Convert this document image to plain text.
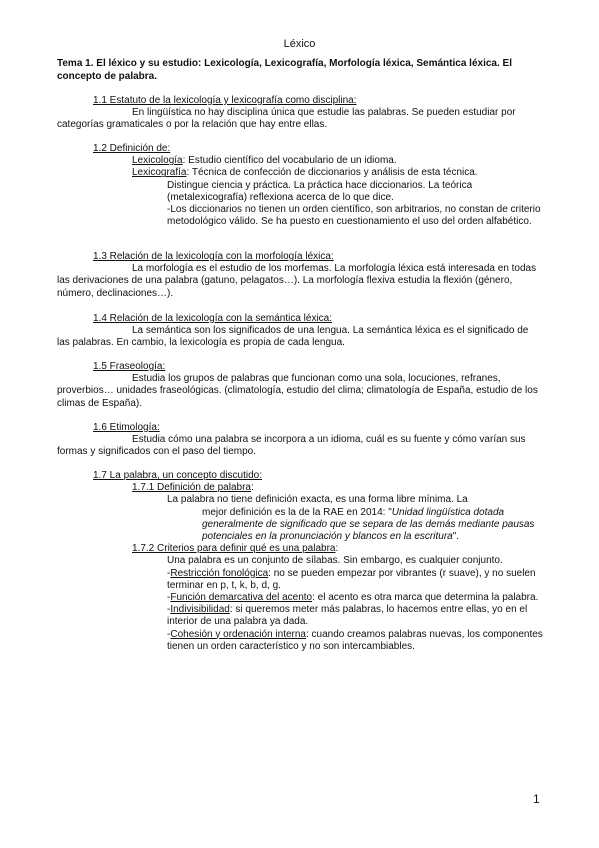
Léxico
Tema 1. El léxico y su estudio: Lexicología, Lexicografía, Morfología léxica, Semántica léxica. El concepto de palabra.
1.1 Estatuto de la lexicología y lexicografía como disciplina:
En lingüística no hay disciplina única que estudie las palabras. Se pueden estudiar por categorías gramaticales o por la relación que hay entre ellas.
1.2 Definición de:
Lexicología: Estudio científico del vocabulario de un idioma.
Lexicografía: Técnica de confección de diccionarios y análisis de esta técnica.
Distingue ciencia y práctica. La práctica hace diccionarios. La teórica (metalexicografía) reflexiona acerca de lo que dice.
-Los diccionarios no tienen un orden científico, son arbitrarios, no constan de criterio metodológico válido. Se ha puesto en cuestionamiento el uso del orden alfabético.
1.3 Relación de la lexicología con la morfología léxica:
La morfología es el estudio de los morfemas. La morfología léxica está interesada en todas las derivaciones de una palabra (gatuno, pelagatos…). La morfología flexiva estudia la flexión (género, número, declinaciones…).
1.4 Relación de la lexicología con la semántica léxica:
La semántica son los significados de una lengua. La semántica léxica es el significado de las palabras. En cambio, la lexicología es propia de cada lengua.
1.5 Fraseología:
Estudia los grupos de palabras que funcionan como una sola, locuciones, refranes, proverbios… unidades fraseológicas. (climatología, estudio del clima; climatología de España, estudio de los climas de España).
1.6 Etimología:
Estudia cómo una palabra se incorpora a un idioma, cuál es su fuente y cómo varían sus formas y significados con el paso del tiempo.
1.7 La palabra, un concepto discutido:
1.7.1 Definición de palabra:
La palabra no tiene definición exacta, es una forma libre mínima. La
mejor definición es la de la RAE en 2014: "Unidad lingüística dotada generalmente de significado que se separa de las demás mediante pausas potenciales en la pronunciación y blancos en la escritura".
1.7.2 Criterios para definir qué es una palabra:
Una palabra es un conjunto de sílabas. Sin embargo, es cualquier conjunto.
-Restricción fonológica: no se pueden empezar por vibrantes (r suave), y no suelen terminar en p, t, k, b, d, g.
-Función demarcativa del acento: el acento es otra marca que determina la palabra.
-Indivisibilidad: si queremos meter más palabras, lo hacemos entre ellas, yo en el interior de una palabra ya dada.
-Cohesión y ordenación interna: cuando creamos palabras nuevas, los componentes tienen un orden característico y no son intercambiables.
1
